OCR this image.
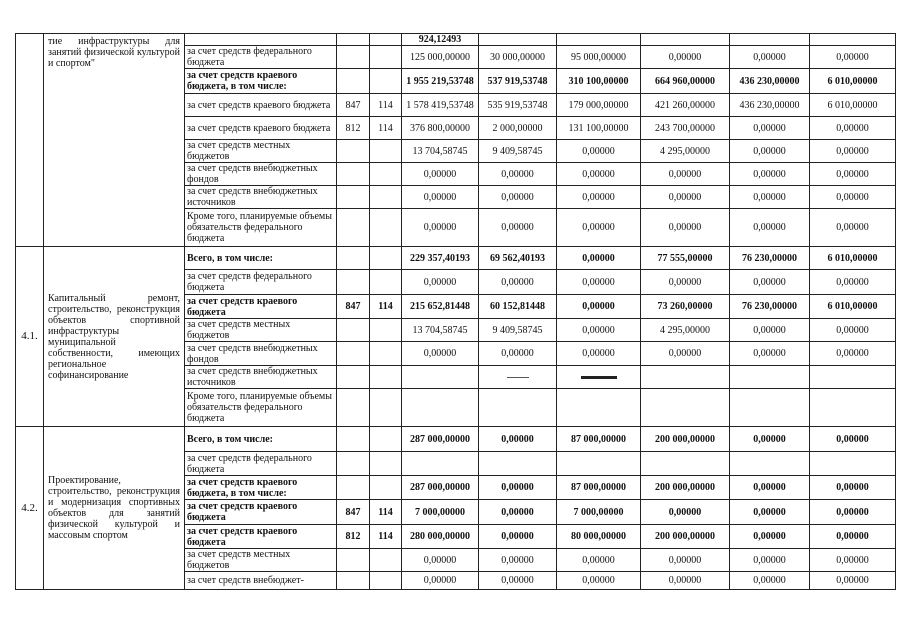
	тие инфраструктуры для занятий физической культурой и спортом"				924,12493					
		за счет средств федерального бюджета			125 000,00000	30 000,00000	95 000,00000	0,00000	0,00000	0,00000
		за счет средств краевого бюджета, в том числе:			1 955 219,53748	537 919,53748	310 100,00000	664 960,00000	436 230,00000	6 010,00000
		за счет средств краевого бюджета	847	114	1 578 419,53748	535 919,53748	179 000,00000	421 260,00000	436 230,00000	6 010,00000
		за счет средств краевого бюджета	812	114	376 800,00000	2 000,00000	131 100,00000	243 700,00000	0,00000	0,00000
		за счет средств местных бюджетов			13 704,58745	9 409,58745	0,00000	4 295,00000	0,00000	0,00000
		за счет средств внебюджетных фондов			0,00000	0,00000	0,00000	0,00000	0,00000	0,00000
		за счет средств внебюджетных источников			0,00000	0,00000	0,00000	0,00000	0,00000	0,00000
		Кроме того, планируемые объемы обязательств федерального бюджета			0,00000	0,00000	0,00000	0,00000	0,00000	0,00000
4.1.	Капитальный ремонт, строительство, реконструкция объектов спортивной инфраструктуры муниципальной собственности, имеющих региональное софинансирование	Всего, в том числе:			229 357,40193	69 562,40193	0,00000	77 555,00000	76 230,00000	6 010,00000
		за счет средств федерального бюджета			0,00000	0,00000	0,00000	0,00000	0,00000	0,00000
		за счет средств краевого бюджета	847	114	215 652,81448	60 152,81448	0,00000	73 260,00000	76 230,00000	6 010,00000
		за счет средств местных бюджетов			13 704,58745	9 409,58745	0,00000	4 295,00000	0,00000	0,00000
		за счет средств внебюджетных фондов			0,00000	0,00000	0,00000	0,00000	0,00000	0,00000
		за счет средств внебюджетных источников								
		Кроме того, планируемые объемы обязательств федерального бюджета								
4.2.	Проектирование, строительство, реконструкция и модернизация спортивных объектов для занятий физической культурой и массовым спортом	Всего, в том числе:			287 000,00000	0,00000	87 000,00000	200 000,00000	0,00000	0,00000
		за счет средств федерального бюджета								
		за счет средств краевого бюджета, в том числе:			287 000,00000	0,00000	87 000,00000	200 000,00000	0,00000	0,00000
		за счет средств краевого бюджета	847	114	7 000,00000	0,00000	7 000,00000	0,00000	0,00000	0,00000
		за счет средств краевого бюджета	812	114	280 000,00000	0,00000	80 000,00000	200 000,00000	0,00000	0,00000
		за счет средств местных бюджетов			0,00000	0,00000	0,00000	0,00000	0,00000	0,00000
		за счет средств внебюджет-			0,00000	0,00000	0,00000	0,00000	0,00000	0,00000
